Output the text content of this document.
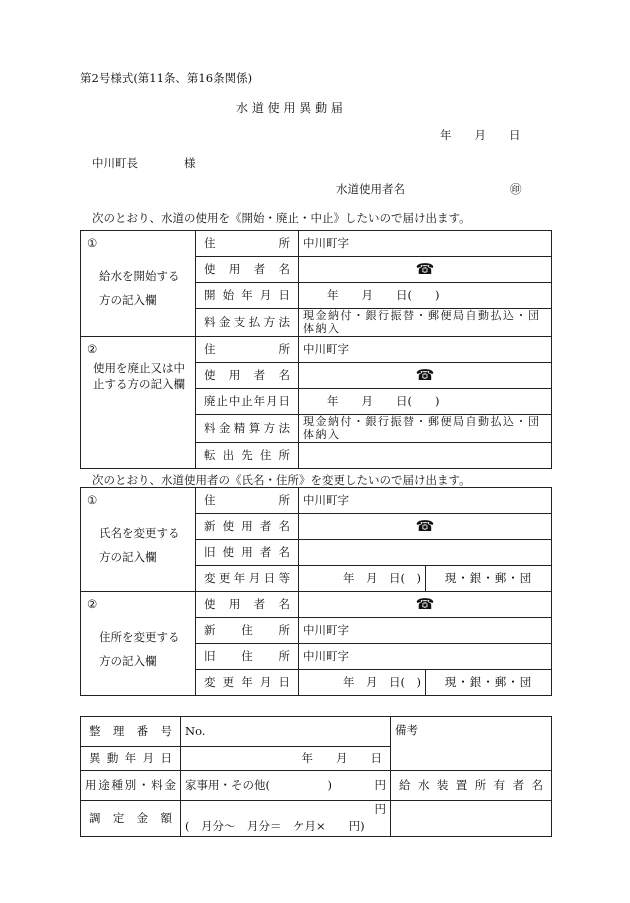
第2号様式(第11条、第16条関係)
水 道 使 用 異 動 届
年　　月　　日
中川町長	様
水道使用者名	㊞
次のとおり、水道の使用を《開始・廃止・中止》したいので届け出ます。
①
給水を開始する方の記入欄	住所	中川町字
	使用者名	☎
	開始年月日	年　　月　　日(　　)
	料金支払方法	現金納付・銀行振替・郵便局自動払込・団体納入

②
使用を廃止又は中止する方の記入欄	住所	中川町字
	使用者名	☎
	廃止中止年月日	年　　月　　日(　　)
	料金精算方法	現金納付・銀行振替・郵便局自動払込・団体納入
	転出先住所	
次のとおり、水道使用者の《氏名・住所》を変更したいので届け出ます。
①
氏名を変更する方の記入欄	住所	中川町字	
	新使用者名	☎	
	旧使用者名		
	変更年月日等	年　月　日(　)	現・銀・郵・団

②
住所を変更する方の記入欄	使用者名	☎	
	新住所	中川町字	
	旧住所	中川町字	
	変更年月日	年　月　日(　)	現・銀・郵・団
整理番号	No.	備考
異動年月日	年　　月　　日	
用途種別・料金	家事用・その他(　　　　　) 円	給水装置所有者名
調定金額	円
(　月分〜　月分＝　ケ月×　　円)	
